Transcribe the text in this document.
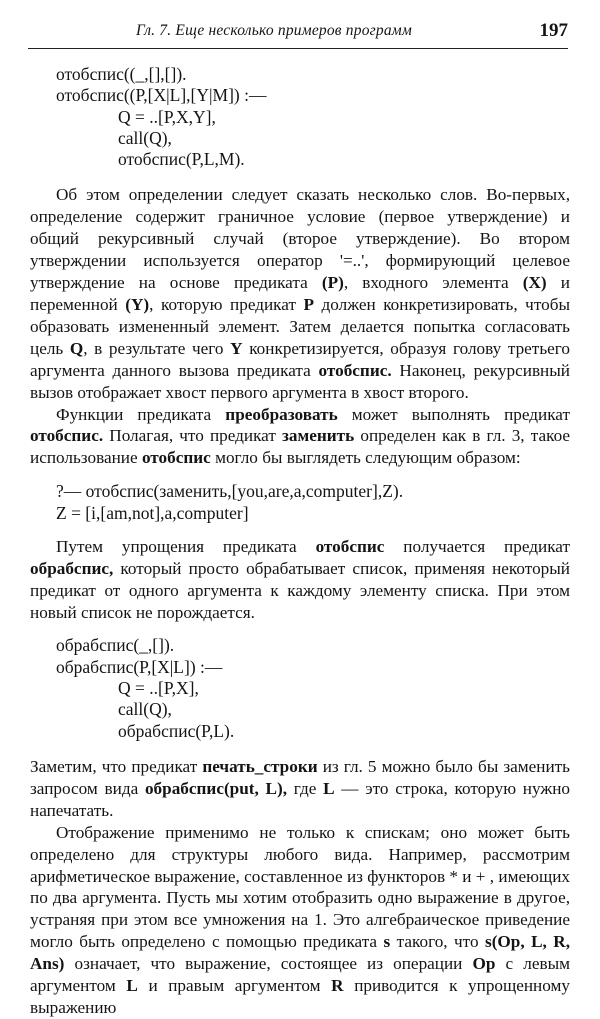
Гл. 7. Еще несколько примеров программ	197
отобспис((_,[],[]).
отобспис((P,[X|L],[Y|M]) :—
Q = ..[P,X,Y],
call(Q),
отобспис(P,L,M).

Об этом определении следует сказать несколько слов. Во-первых, определение содержит граничное условие (первое утверждение) и общий рекурсивный случай (второе утверждение). Во втором утверждении используется оператор '=..', формирующий целевое утверждение на основе предиката (P), входного элемента (X) и переменной (Y), которую предикат P должен конкретизировать, чтобы образовать измененный элемент. Затем делается попытка согласовать цель Q, в результате чего Y конкретизируется, образуя голову третьего аргумента данного вызова предиката отобспис. Наконец, рекурсивный вызов отображает хвост первого аргумента в хвост второго.

Функции предиката преобразовать может выполнять предикат отобспис. Полагая, что предикат заменить определен как в гл. 3, такое использование отобспис могло бы выглядеть следующим образом:

?— отобспис(заменить,[you,are,a,computer],Z).
Z = [i,[am,not],a,computer]

Путем упрощения предиката отобспис получается предикат обрабспис, который просто обрабатывает список, применяя некоторый предикат от одного аргумента к каждому элементу списка. При этом новый список не порождается.

обрабспис(_,[]).
обрабспис(P,[X|L]) :—
Q = ..[P,X],
call(Q),
обрабспис(P,L).

Заметим, что предикат печать_строки из гл. 5 можно было бы заменить запросом вида обрабспис(put, L), где L — это строка, которую нужно напечатать.

Отображение применимо не только к спискам; оно может быть определено для структуры любого вида. Например, рассмотрим арифметическое выражение, составленное из функторов * и + , имеющих по два аргумента. Пусть мы хотим отобразить одно выражение в другое, устраняя при этом все умножения на 1. Это алгебраическое приведение могло быть определено с помощью предиката s такого, что s(Op, L, R, Ans) означает, что выражение, состоящее из операции Op с левым аргументом L и правым аргументом R приводится к упрощенному выражению
